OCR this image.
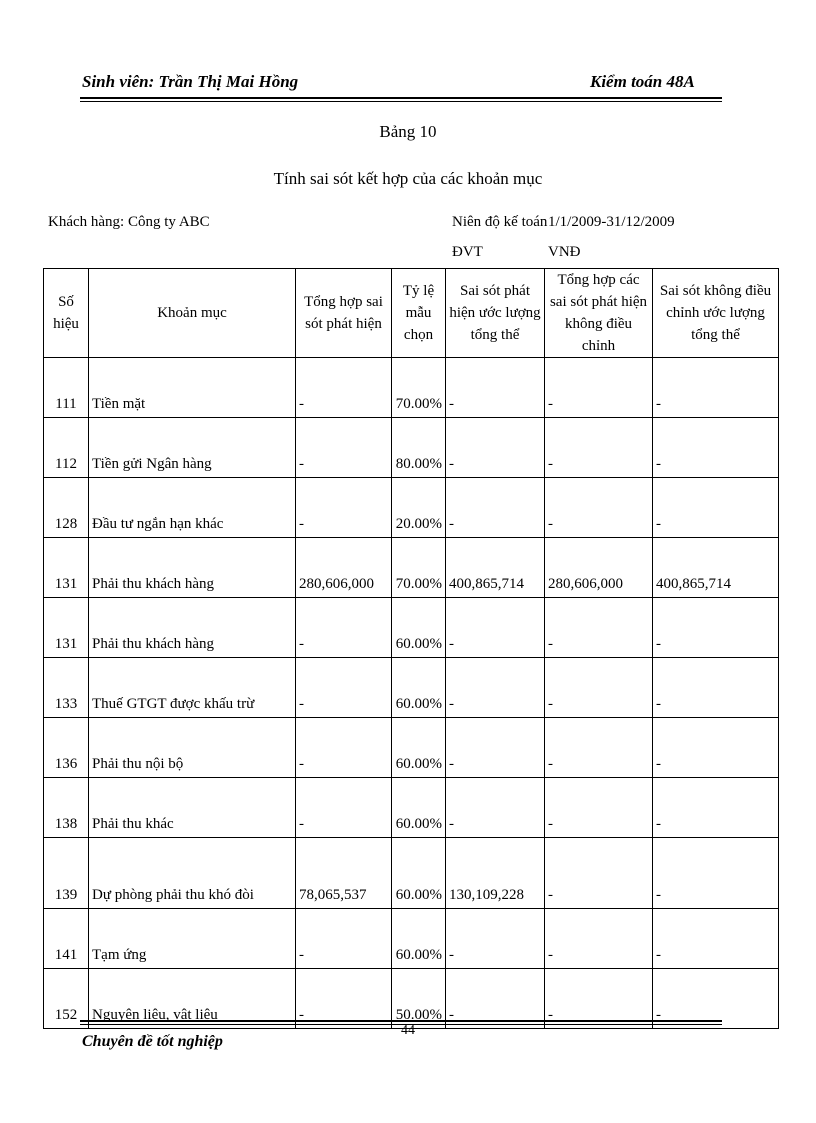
Sinh viên: Trần Thị Mai Hồng	Kiểm toán 48A
Bảng 10
Tính sai sót kết hợp của các khoản mục
Khách hàng: Công ty ABC	Niên độ kế toán 1/1/2009-31/12/2009
ĐVT	VNĐ
Số hiệu	Khoản mục	Tổng hợp sai sót phát hiện	Tỷ lệ mẫu chọn	Sai sót phát hiện ước lượng tổng thể	Tổng hợp các sai sót phát hiện không điều chỉnh	Sai sót không điều chỉnh ước lượng tổng thể
111	Tiền mặt	-	70.00%	-	-	-
112	Tiền gửi Ngân hàng	-	80.00%	-	-	-
128	Đầu tư ngắn hạn khác	-	20.00%	-	-	-
131	Phải thu khách hàng	280,606,000	70.00%	400,865,714	280,606,000	400,865,714
131	Phải thu khách hàng	-	60.00%	-	-	-
133	Thuế GTGT được khấu trừ	-	60.00%	-	-	-
136	Phải thu nội bộ	-	60.00%	-	-	-
138	Phải thu khác	-	60.00%	-	-	-
139	Dự phòng phải thu khó đòi	78,065,537	60.00%	130,109,228	-	-
141	Tạm ứng	-	60.00%	-	-	-
152	Nguyên liệu, vật liệu	-	50.00%	-	-	-
44
Chuyên đề tốt nghiệp
